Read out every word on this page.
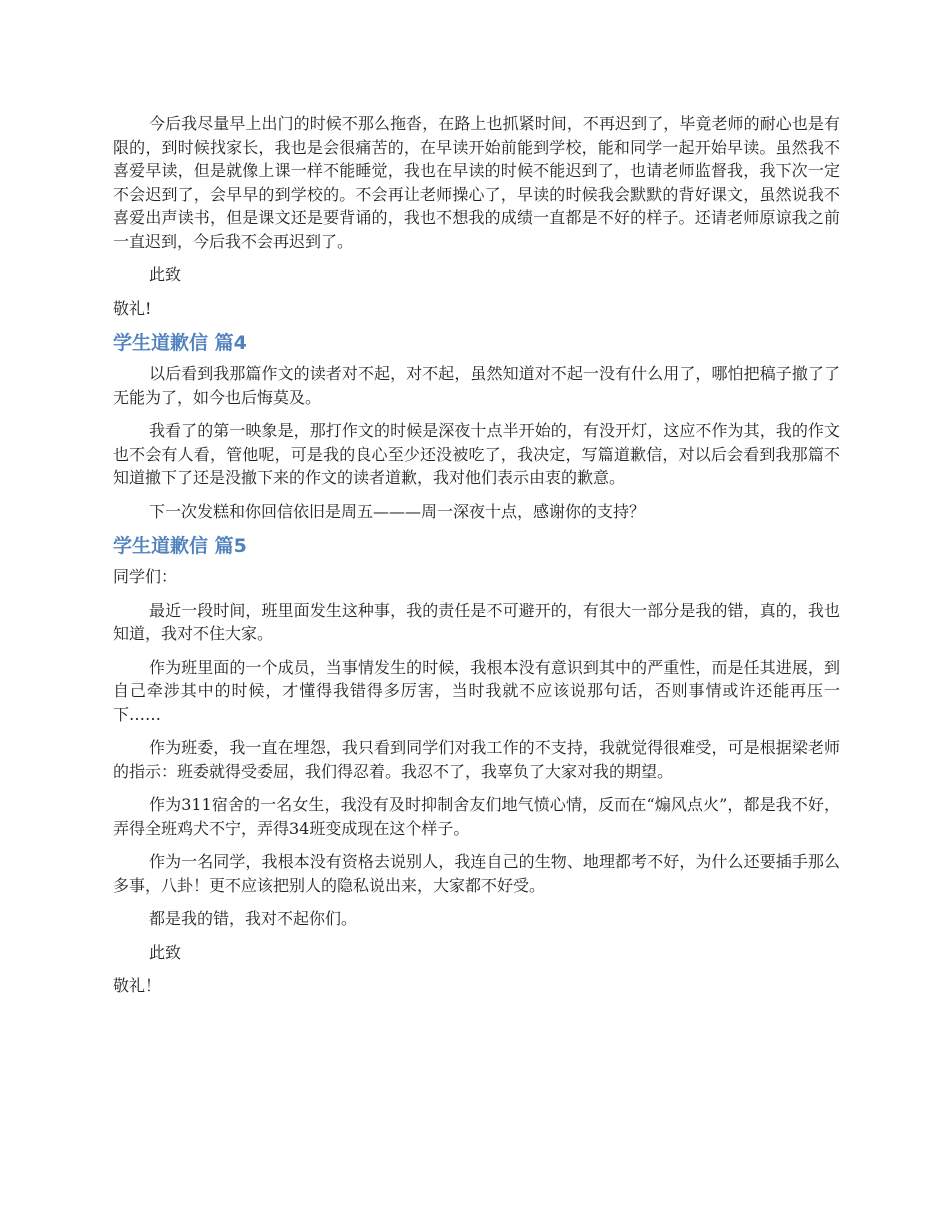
今后我尽量早上出门的时候不那么拖沓，在路上也抓紧时间，不再迟到了，毕竟老师的耐心也是有限的，到时候找家长，我也是会很痛苦的，在早读开始前能到学校，能和同学一起开始早读。虽然我不喜爱早读，但是就像上课一样不能睡觉，我也在早读的时候不能迟到了，也请老师监督我，我下次一定不会迟到了，会早早的到学校的。不会再让老师操心了，早读的时候我会默默的背好课文，虽然说我不喜爱出声读书，但是课文还是要背诵的，我也不想我的成绩一直都是不好的样子。还请老师原谅我之前一直迟到，今后我不会再迟到了。

此致

敬礼!

学生道歉信 篇4

以后看到我那篇作文的读者对不起，对不起，虽然知道对不起一没有什么用了，哪怕把稿子撤了了无能为了，如今也后悔莫及。

我看了的第一映象是，那打作文的时候是深夜十点半开始的，有没开灯，这应不作为其，我的作文也不会有人看，管他呢，可是我的良心至少还没被吃了，我决定，写篇道歉信，对以后会看到我那篇不知道撤下了还是没撤下来的作文的读者道歉，我对他们表示由衷的歉意。

下一次发糕和你回信依旧是周五———周一深夜十点，感谢你的支持？

学生道歉信 篇5

同学们：

最近一段时间，班里面发生这种事，我的责任是不可避开的，有很大一部分是我的错，真的，我也知道，我对不住大家。

作为班里面的一个成员，当事情发生的时候，我根本没有意识到其中的严重性，而是任其进展，到自己牵涉其中的时候，才懂得我错得多厉害，当时我就不应该说那句话，否则事情或许还能再压一下……

作为班委，我一直在埋怨，我只看到同学们对我工作的不支持，我就觉得很难受，可是根据梁老师的指示：班委就得受委屈，我们得忍着。我忍不了，我辜负了大家对我的期望。

作为311宿舍的一名女生，我没有及时抑制舍友们地气愤心情，反而在“煽风点火”，都是我不好，弄得全班鸡犬不宁，弄得34班变成现在这个样子。

作为一名同学，我根本没有资格去说别人，我连自己的生物、地理都考不好，为什么还要插手那么多事，八卦！更不应该把别人的隐私说出来，大家都不好受。

都是我的错，我对不起你们。

此致

敬礼！
